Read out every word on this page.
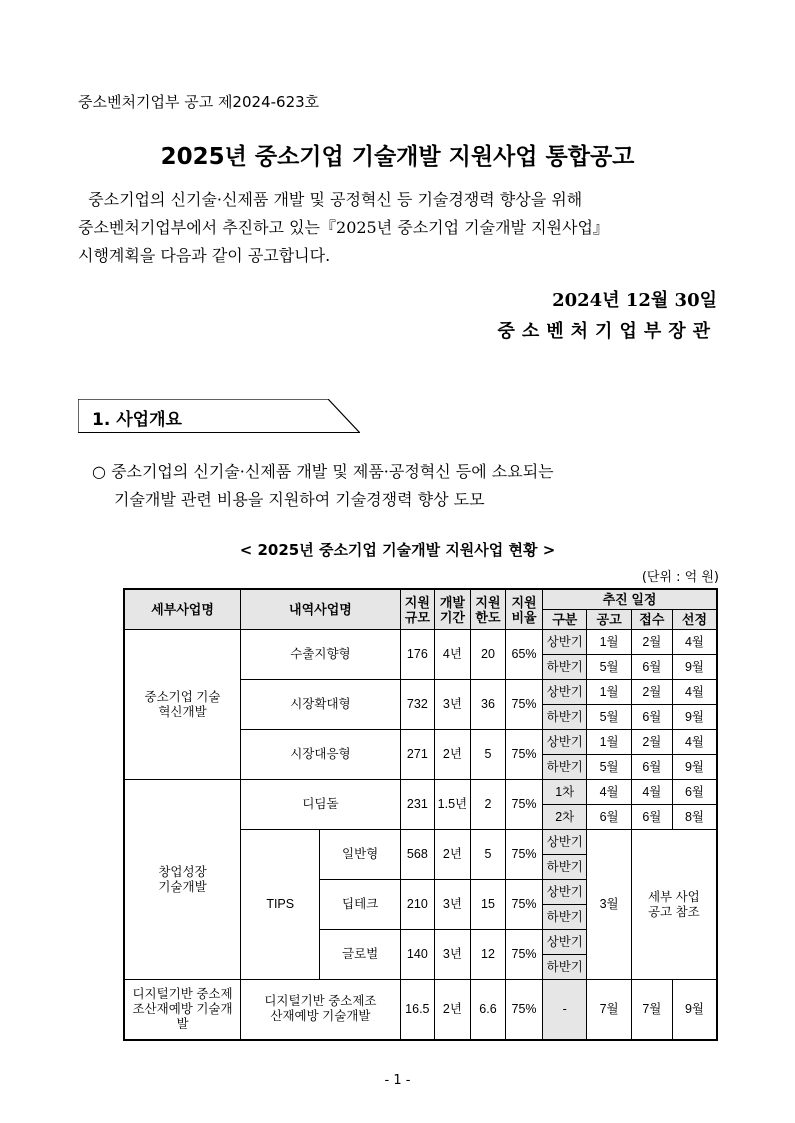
중소벤처기업부 공고 제2024-623호
2025년 중소기업 기술개발 지원사업 통합공고

중소기업의 신기술·신제품 개발 및 공정혁신 등 기술경쟁력 향상을 위해

중소벤처기업부에서 추진하고 있는『2025년 중소기업 기술개발 지원사업』

시행계획을 다음과 같이 공고합니다.

2024년 12월 30일
중소벤처기업부장관
1. 사업개요
○ 중소기업의 신기술·신제품 개발 및 제품·공정혁신 등에 소요되는
기술개발 관련 비용을 지원하여 기술경쟁력 향상 도모
< 2025년 중소기업 기술개발 지원사업 현황 >
(단위 : 억 원)
세부사업명	내역사업명		지원 규모	개발 기간	지원 한도	지원 비율	추진 일정			
							구분	공고	접수	선정
중소기업 기술혁신개발	수출지향형		176	4년	20	65%	상반기	1월	2월	4월
							하반기	5월	6월	9월
	시장확대형		732	3년	36	75%	상반기	1월	2월	4월
							하반기	5월	6월	9월
	시장대응형		271	2년	5	75%	상반기	1월	2월	4월
							하반기	5월	6월	9월
창업성장 기술개발	디딤돌		231	1.5년	2	75%	1차	4월	4월	6월
							2차	6월	6월	8월
	TIPS	일반형	568	2년	5	75%	상반기	3월	세부 사업공고 참조	
							하반기			
		딥테크	210	3년	15	75%	상반기			
							하반기			
		글로벌	140	3년	12	75%	상반기			
							하반기			
디지털기반 중소제조산재예방 기술개발	디지털기반 중소제조산재예방 기술개발		16.5	2년	6.6	75%	-	7월	7월	9월
- 1 -
